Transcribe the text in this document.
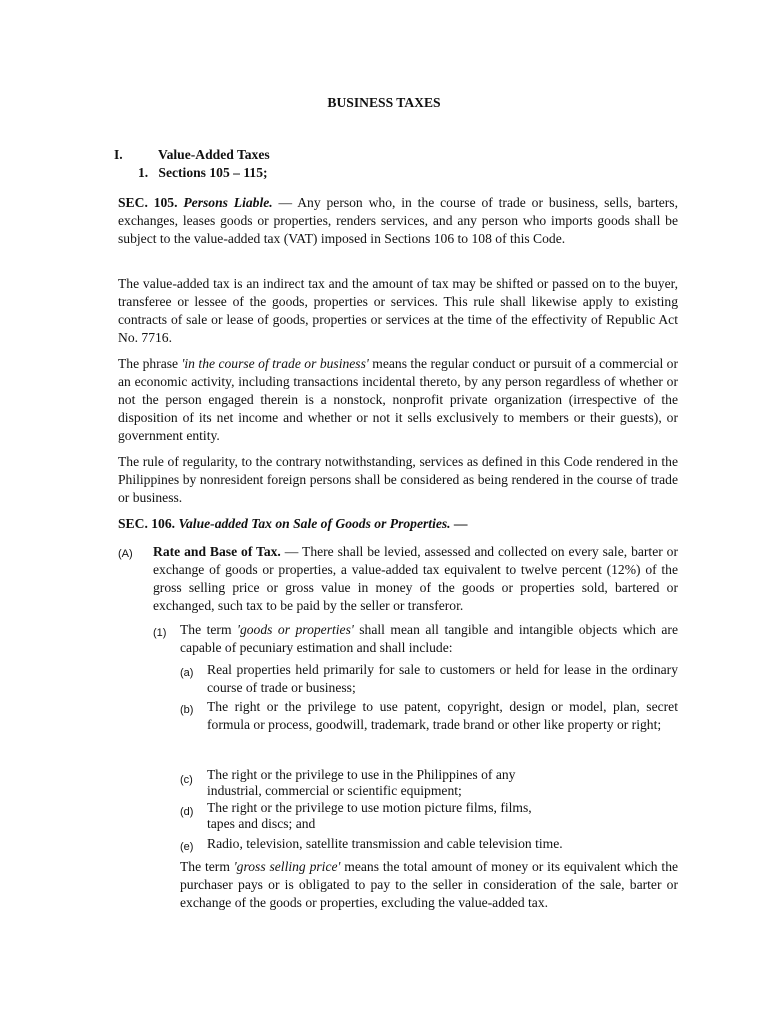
BUSINESS TAXES
I.	Value-Added Taxes
1.   Sections 105 – 115;
SEC. 105. Persons Liable. — Any person who, in the course of trade or business, sells, barters, exchanges, leases goods or properties, renders services, and any person who imports goods shall be subject to the value-added tax (VAT) imposed in Sections 106 to 108 of this Code.
The value-added tax is an indirect tax and the amount of tax may be shifted or passed on to the buyer, transferee or lessee of the goods, properties or services. This rule shall likewise apply to existing contracts of sale or lease of goods, properties or services at the time of the effectivity of Republic Act No. 7716.
The phrase 'in the course of trade or business' means the regular conduct or pursuit of a commercial or an economic activity, including transactions incidental thereto, by any person regardless of whether or not the person engaged therein is a nonstock, nonprofit private organization (irrespective of the disposition of its net income and whether or not it sells exclusively to members or their guests), or government entity.
The rule of regularity, to the contrary notwithstanding, services as defined in this Code rendered in the Philippines by nonresident foreign persons shall be considered as being rendered in the course of trade or business.
SEC. 106. Value-added Tax on Sale of Goods or Properties. —
(A) Rate and Base of Tax. — There shall be levied, assessed and collected on every sale, barter or exchange of goods or properties, a value-added tax equivalent to twelve percent (12%) of the gross selling price or gross value in money of the goods or properties sold, bartered or exchanged, such tax to be paid by the seller or transferor.
(1) The term 'goods or properties' shall mean all tangible and intangible objects which are capable of pecuniary estimation and shall include:
(a) Real properties held primarily for sale to customers or held for lease in the ordinary course of trade or business;
(b) The right or the privilege to use patent, copyright, design or model, plan, secret formula or process, goodwill, trademark, trade brand or other like property or right;
(c) The right or the privilege to use in the Philippines of any
industrial, commercial or scientific equipment;
(d) The right or the privilege to use motion picture films, films,
tapes and discs; and
(e) Radio, television, satellite transmission and cable television time.
The term 'gross selling price' means the total amount of money or its equivalent which the purchaser pays or is obligated to pay to the seller in consideration of the sale, barter or exchange of the goods or properties, excluding the value-added tax.
